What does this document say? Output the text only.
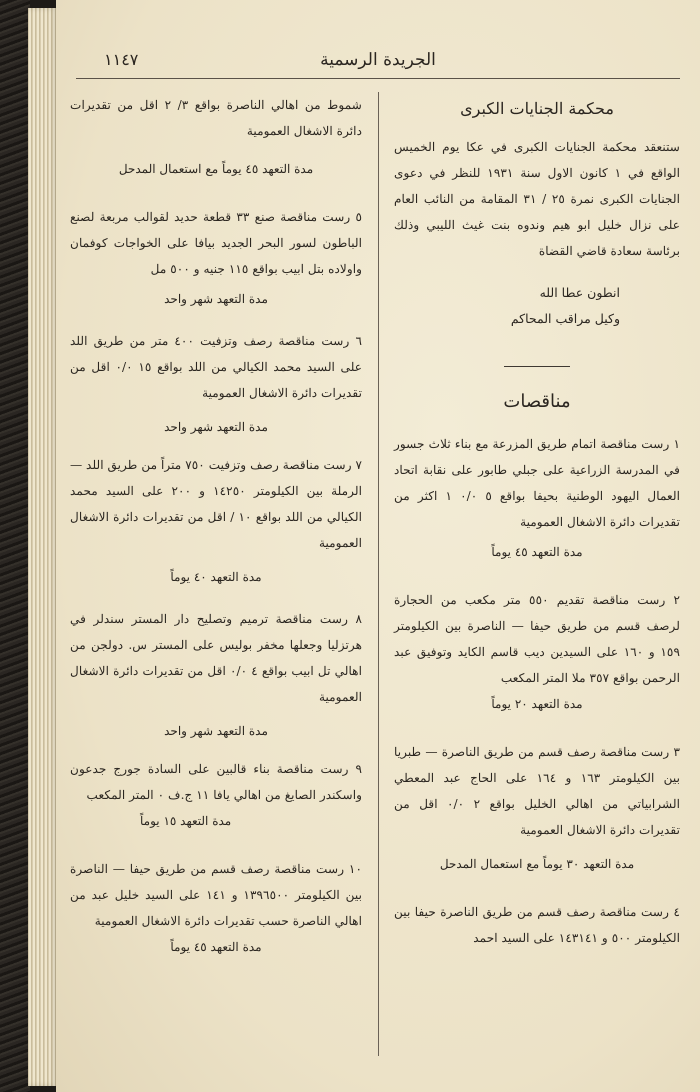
الجريدة الرسمية
١١٤٧

محكمة الجنايات الكبرى

ستنعقد محكمة الجنايات الكبرى في عكا يوم الخميس الواقع في ١ كانون الاول سنة ١٩٣١ للنظر في دعوى الجنايات الكبرى نمرة ٢٥ / ٣١ المقامة من النائب العام على نزال خليل ابو هيم وندوه بنت غيث الليبي وذلك برئاسة سعادة قاضي القضاة

انطون عطا الله

وكيل مراقب المحاكم

مناقصات

١ رست مناقصة اتمام طريق المزرعة مع بناء ثلاث جسور في المدرسة الزراعية على جبلي طابور على نقابة اتحاد العمال اليهود الوطنية بحيفا بواقع ٥ ٠/٠ ١ اكثر من تقديرات دائرة الاشغال العمومية

مدة التعهد ٤٥ يوماً

٢ رست مناقصة تقديم ٥٥٠ متر مكعب من الحجارة لرصف قسم من طريق حيفا — الناصرة بين الكيلومتر ١٥٩ و ١٦٠ على السيدين ديب قاسم الكايد وتوفيق عبد الرحمن بواقع ٣٥٧ ملا المتر المكعب

مدة التعهد ٢٠ يوماً

٣ رست مناقصة رصف قسم من طريق الناصرة — طبريا بين الكيلومتر ١٦٣ و ١٦٤ على الحاج عبد المعطي الشرابياتي من اهالي الخليل بواقع ٢ ٠/٠ اقل من تقديرات دائرة الاشغال العمومية

مدة التعهد ٣٠ يوماً مع استعمال المدحل

٤ رست مناقصة رصف قسم من طريق الناصرة حيفا بين الكيلومتر ٥٠٠ و ١٤٣١٤١ على السيد احمد

شموط من اهالي الناصرة بواقع ٣/ ٢ اقل من تقديرات دائرة الاشغال العمومية

مدة التعهد ٤٥ يوماً مع استعمال المدحل

٥ رست مناقصة صنع ٣٣ قطعة حديد لقوالب مربعة لصنع الباطون لسور البحر الجديد بيافا على الخواجات كوفمان واولاده بتل ابيب بواقع ١١٥ جنيه و ٥٠٠ مل

مدة التعهد شهر واحد

٦ رست مناقصة رصف وتزفيت ٤٠٠ متر من طريق اللد على السيد محمد الكيالي من اللد بواقع ١٥ ٠/٠ اقل من تقديرات دائرة الاشغال العمومية

مدة التعهد شهر واحد

٧ رست مناقصة رصف وتزفيت ٧٥٠ متراً من طريق اللد — الرملة بين الكيلومتر ١٤٢٥٠ و ٢٠٠ على السيد محمد الكيالي من اللد بواقع ١٠ / اقل من تقديرات دائرة الاشغال العمومية

مدة التعهد ٤٠ يوماً

٨ رست مناقصة ترميم وتصليح دار المستر سندلر في هرتزليا وجعلها مخفر بوليس على المستر س. دولجن من اهالي تل ابيب بواقع ٤ ٠/٠ اقل من تقديرات دائرة الاشغال العمومية

مدة التعهد شهر واحد

٩ رست مناقصة بناء قالبين على السادة جورج جدعون واسكندر الصايغ من اهالي يافا ١١ ج.ف ٠ المتر المكعب

مدة التعهد ١٥ يوماً

١٠ رست مناقصة رصف قسم من طريق حيفا — الناصرة بين الكيلومتر ١٣٩٦٥٠٠ و ١٤١ على السيد خليل عبد من اهالي الناصرة حسب تقديرات دائرة الاشغال العمومية

مدة التعهد ٤٥ يوماً
